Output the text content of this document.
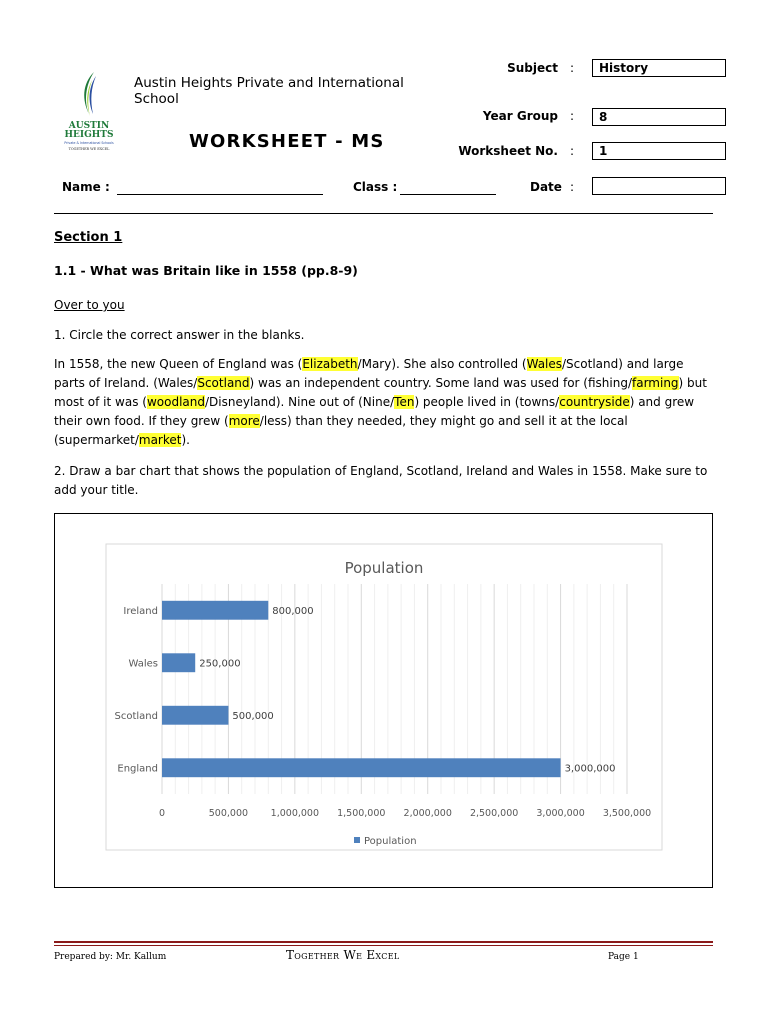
AUSTIN
HEIGHTS
Private & International Schools
TOGETHER WE EXCEL
Austin Heights Private and International School
WORKSHEET - MS
Subject :	History
Year Group :	8
Worksheet No. :	1
Name :	Class :	Date :
Section 1
1.1 - What was Britain like in 1558 (pp.8-9)
Over to you
1. Circle the correct answer in the blanks.
In 1558, the new Queen of England was (Elizabeth/Mary). She also controlled (Wales/Scotland) and large parts of Ireland. (Wales/Scotland) was an independent country. Some land was used for (fishing/farming) but most of it was (woodland/Disneyland). Nine out of (Nine/Ten) people lived in (towns/countryside) and grew their own food. If they grew (more/less) than they needed, they might go and sell it at the local (supermarket/market).
2. Draw a bar chart that shows the population of England, Scotland, Ireland and Wales in 1558. Make sure to add your title.
0	500,000 1,000,000 1,500,000 2,000,000 2,500,000 3,000,000 3,500,000
Ireland	800,000
Wales	250,000
Scotland	500,000
England	3,000,000
Population
Population
Prepared by: Mr. Kallum	Together We Excel	Page 1
